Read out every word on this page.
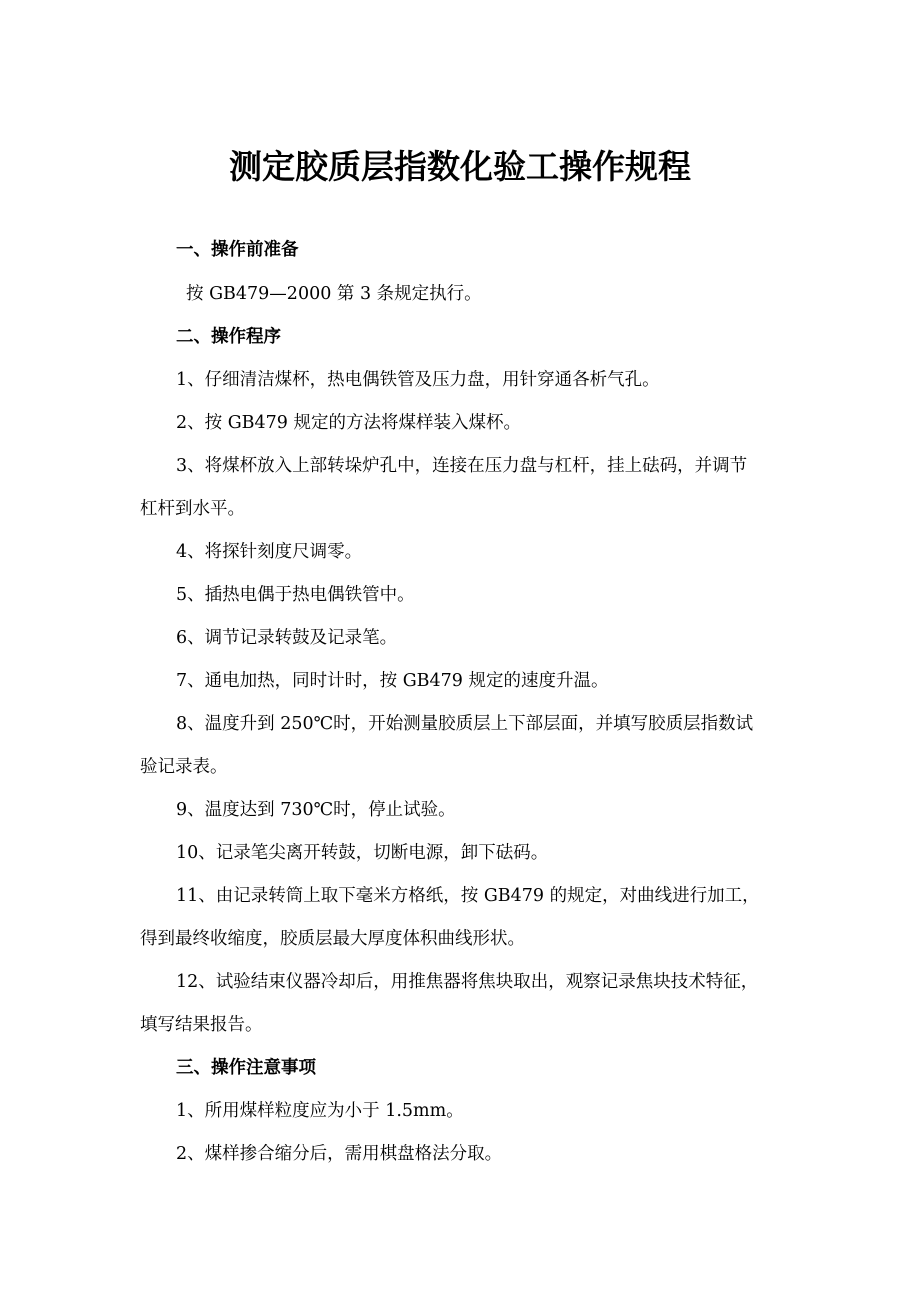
测定胶质层指数化验工操作规程
一、操作前准备
按 GB479—2000 第 3 条规定执行。
二、操作程序
1、仔细清洁煤杯，热电偶铁管及压力盘，用针穿通各析气孔。
2、按 GB479 规定的方法将煤样装入煤杯。
3、将煤杯放入上部转垛炉孔中，连接在压力盘与杠杆，挂上砝码，并调节
杠杆到水平。
4、将探针刻度尺调零。
5、插热电偶于热电偶铁管中。
6、调节记录转鼓及记录笔。
7、通电加热，同时计时，按 GB479 规定的速度升温。
8、温度升到 250℃时，开始测量胶质层上下部层面，并填写胶质层指数试
验记录表。
9、温度达到 730℃时，停止试验。
10、记录笔尖离开转鼓，切断电源，卸下砝码。
11、由记录转筒上取下毫米方格纸，按 GB479 的规定，对曲线进行加工，
得到最终收缩度，胶质层最大厚度体积曲线形状。
12、试验结束仪器冷却后，用推焦器将焦块取出，观察记录焦块技术特征，
填写结果报告。
三、操作注意事项
1、所用煤样粒度应为小于 1.5mm。
2、煤样掺合缩分后，需用棋盘格法分取。
